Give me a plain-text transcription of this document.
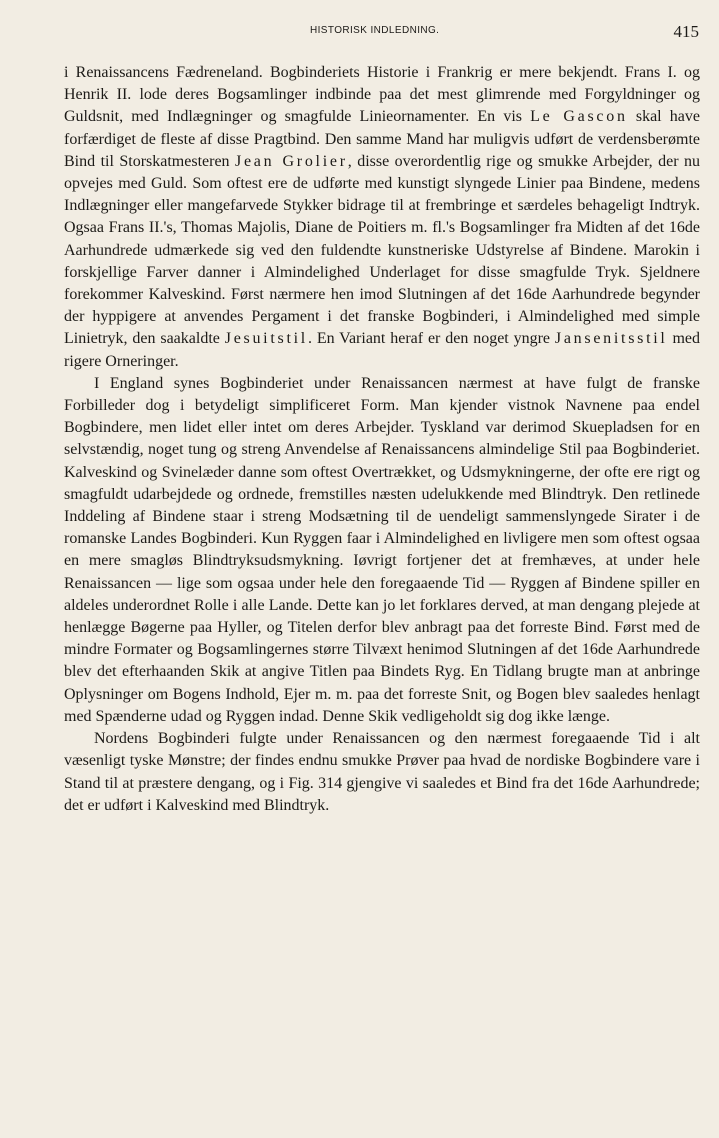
HISTORISK INDLEDNING.	415

i Renaissancens Fædreneland. Bogbinderiets Historie i Frankrig er mere bekjendt. Frans I. og Henrik II. lode deres Bogsamlinger indbinde paa det mest glimrende med Forgyldninger og Guldsnit, med Indlægninger og smagfulde Linieornamenter. En vis Le Gascon skal have forfærdiget de fleste af disse Pragtbind. Den samme Mand har muligvis udført de verdensberømte Bind til Storskatmesteren Jean Grolier, disse overordentlig rige og smukke Arbejder, der nu opvejes med Guld. Som oftest ere de udførte med kunstigt slyngede Linier paa Bindene, medens Indlægninger eller mangefarvede Stykker bidrage til at frembringe et særdeles behageligt Indtryk. Ogsaa Frans II.'s, Thomas Majolis, Diane de Poitiers m. fl.'s Bogsamlinger fra Midten af det 16de Aarhundrede udmærkede sig ved den fuldendte kunstneriske Udstyrelse af Bindene. Marokin i forskjellige Farver danner i Almindelighed Underlaget for disse smagfulde Tryk. Sjeldnere forekommer Kalveskind. Først nærmere hen imod Slutningen af det 16de Aarhundrede begynder der hyppigere at anvendes Pergament i det franske Bogbinderi, i Almindelighed med simple Linietryk, den saakaldte Jesuitstil. En Variant heraf er den noget yngre Jansenitsstil med rigere Orneringer.

I England synes Bogbinderiet under Renaissancen nærmest at have fulgt de franske Forbilleder dog i betydeligt simplificeret Form. Man kjender vistnok Navnene paa endel Bogbindere, men lidet eller intet om deres Arbejder. Tyskland var derimod Skuepladsen for en selvstændig, noget tung og streng Anvendelse af Renaissancens almindelige Stil paa Bogbinderiet. Kalveskind og Svinelæder danne som oftest Overtrækket, og Udsmykningerne, der ofte ere rigt og smagfuldt udarbejdede og ordnede, fremstilles næsten udelukkende med Blindtryk. Den retlinede Inddeling af Bindene staar i streng Modsætning til de uendeligt sammenslyngede Sirater i de romanske Landes Bogbinderi. Kun Ryggen faar i Almindelighed en livligere men som oftest ogsaa en mere smagløs Blindtryksudsmykning. Iøvrigt fortjener det at fremhæves, at under hele Renaissancen — lige som ogsaa under hele den foregaaende Tid — Ryggen af Bindene spiller en aldeles underordnet Rolle i alle Lande. Dette kan jo let forklares derved, at man dengang plejede at henlægge Bøgerne paa Hyller, og Titelen derfor blev anbragt paa det forreste Bind. Først med de mindre Formater og Bogsamlingernes større Tilvæxt henimod Slutningen af det 16de Aarhundrede blev det efterhaanden Skik at angive Titlen paa Bindets Ryg. En Tidlang brugte man at anbringe Oplysninger om Bogens Indhold, Ejer m. m. paa det forreste Snit, og Bogen blev saaledes henlagt med Spænderne udad og Ryggen indad. Denne Skik vedligeholdt sig dog ikke længe.

Nordens Bogbinderi fulgte under Renaissancen og den nærmest foregaaende Tid i alt væsenligt tyske Mønstre; der findes endnu smukke Prøver paa hvad de nordiske Bogbindere vare i Stand til at præstere dengang, og i Fig. 314 gjengive vi saaledes et Bind fra det 16de Aarhundrede; det er udført i Kalveskind med Blindtryk.
